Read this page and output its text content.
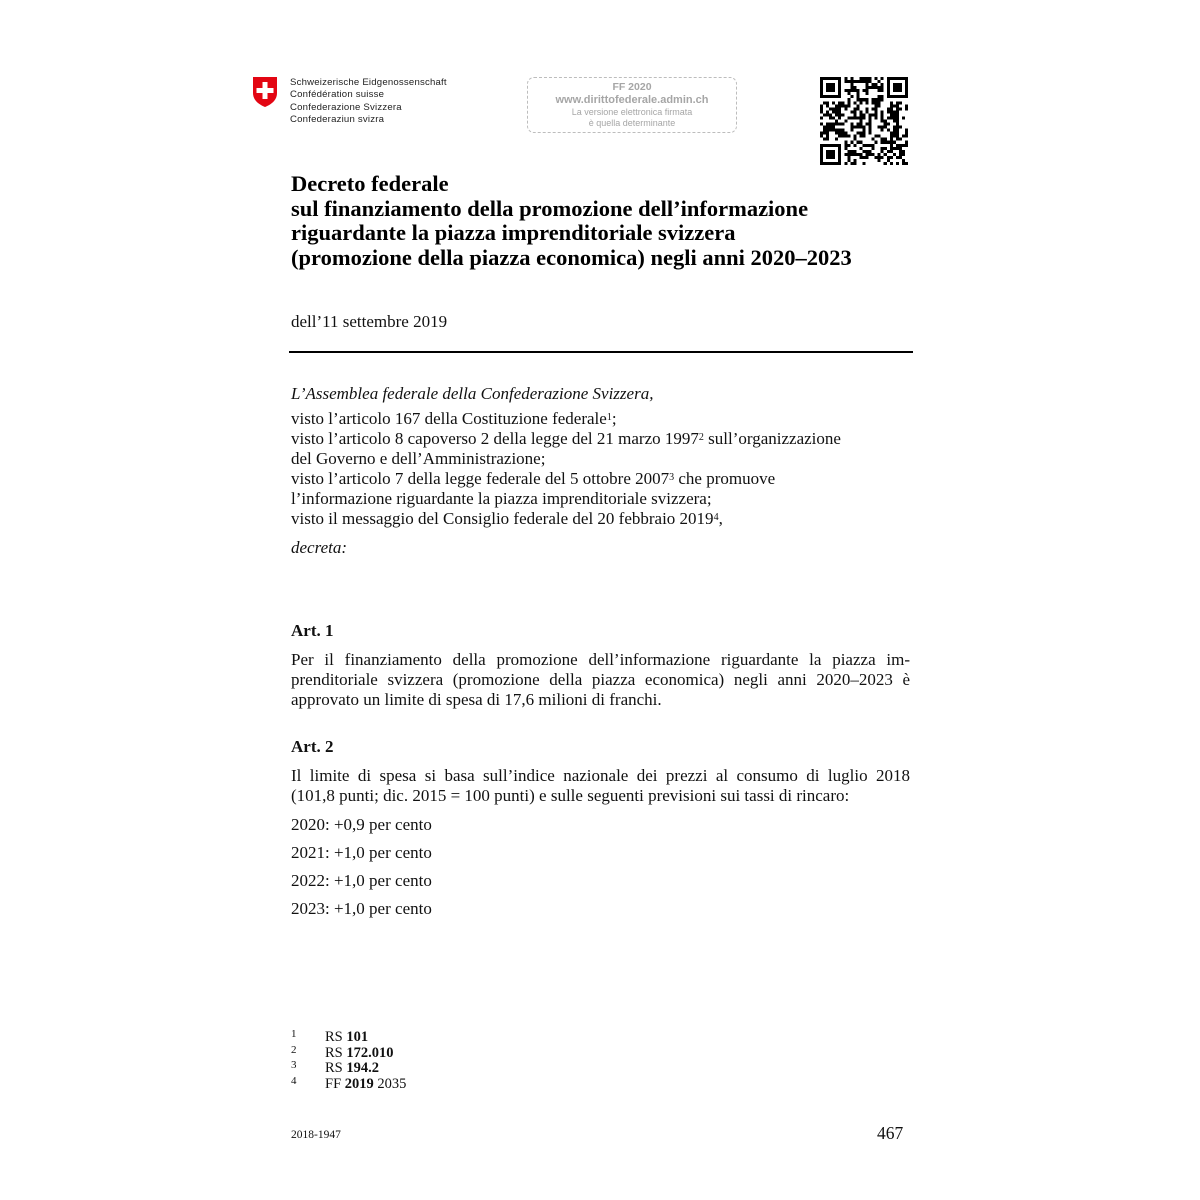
Schweizerische Eidgenossenschaft
Confédération suisse
Confederazione Svizzera
Confederaziun svizra
FF 2020
www.dirittofederale.admin.ch
La versione elettronica firmata
è quella determinante
Decreto federale
sul finanziamento della promozione dell’informazione
riguardante la piazza imprenditoriale svizzera
(promozione della piazza economica) negli anni 2020–2023
dell’11 settembre 2019
L’Assemblea federale della Confederazione Svizzera,
visto l’articolo 167 della Costituzione federale$^1$;
visto l’articolo 8 capoverso 2 della legge del 21 marzo 1997$^2$ sull’organizzazione
del Governo e dell’Amministrazione;
visto l’articolo 7 della legge federale del 5 ottobre 2007$^3$ che promuove
l’informazione riguardante la piazza imprenditoriale svizzera;
visto il messaggio del Consiglio federale del 20 febbraio 2019$^4$,
decreta:
Art. 1
Per il finanziamento della promozione dell’informazione riguardante la piazza im-
prenditoriale svizzera (promozione della piazza economica) negli anni 2020–2023 è
approvato un limite di spesa di 17,6 milioni di franchi.
Art. 2
Il limite di spesa si basa sull’indice nazionale dei prezzi al consumo di luglio 2018
(101,8 punti; dic. 2015 = 100 punti) e sulle seguenti previsioni sui tassi di rincaro:
2020: +0,9 per cento
2021: +1,0 per cento
2022: +1,0 per cento
2023: +1,0 per cento
1	RS 101
2	RS 172.010
3	RS 194.2
4	FF 2019 2035
2018-1947	467
